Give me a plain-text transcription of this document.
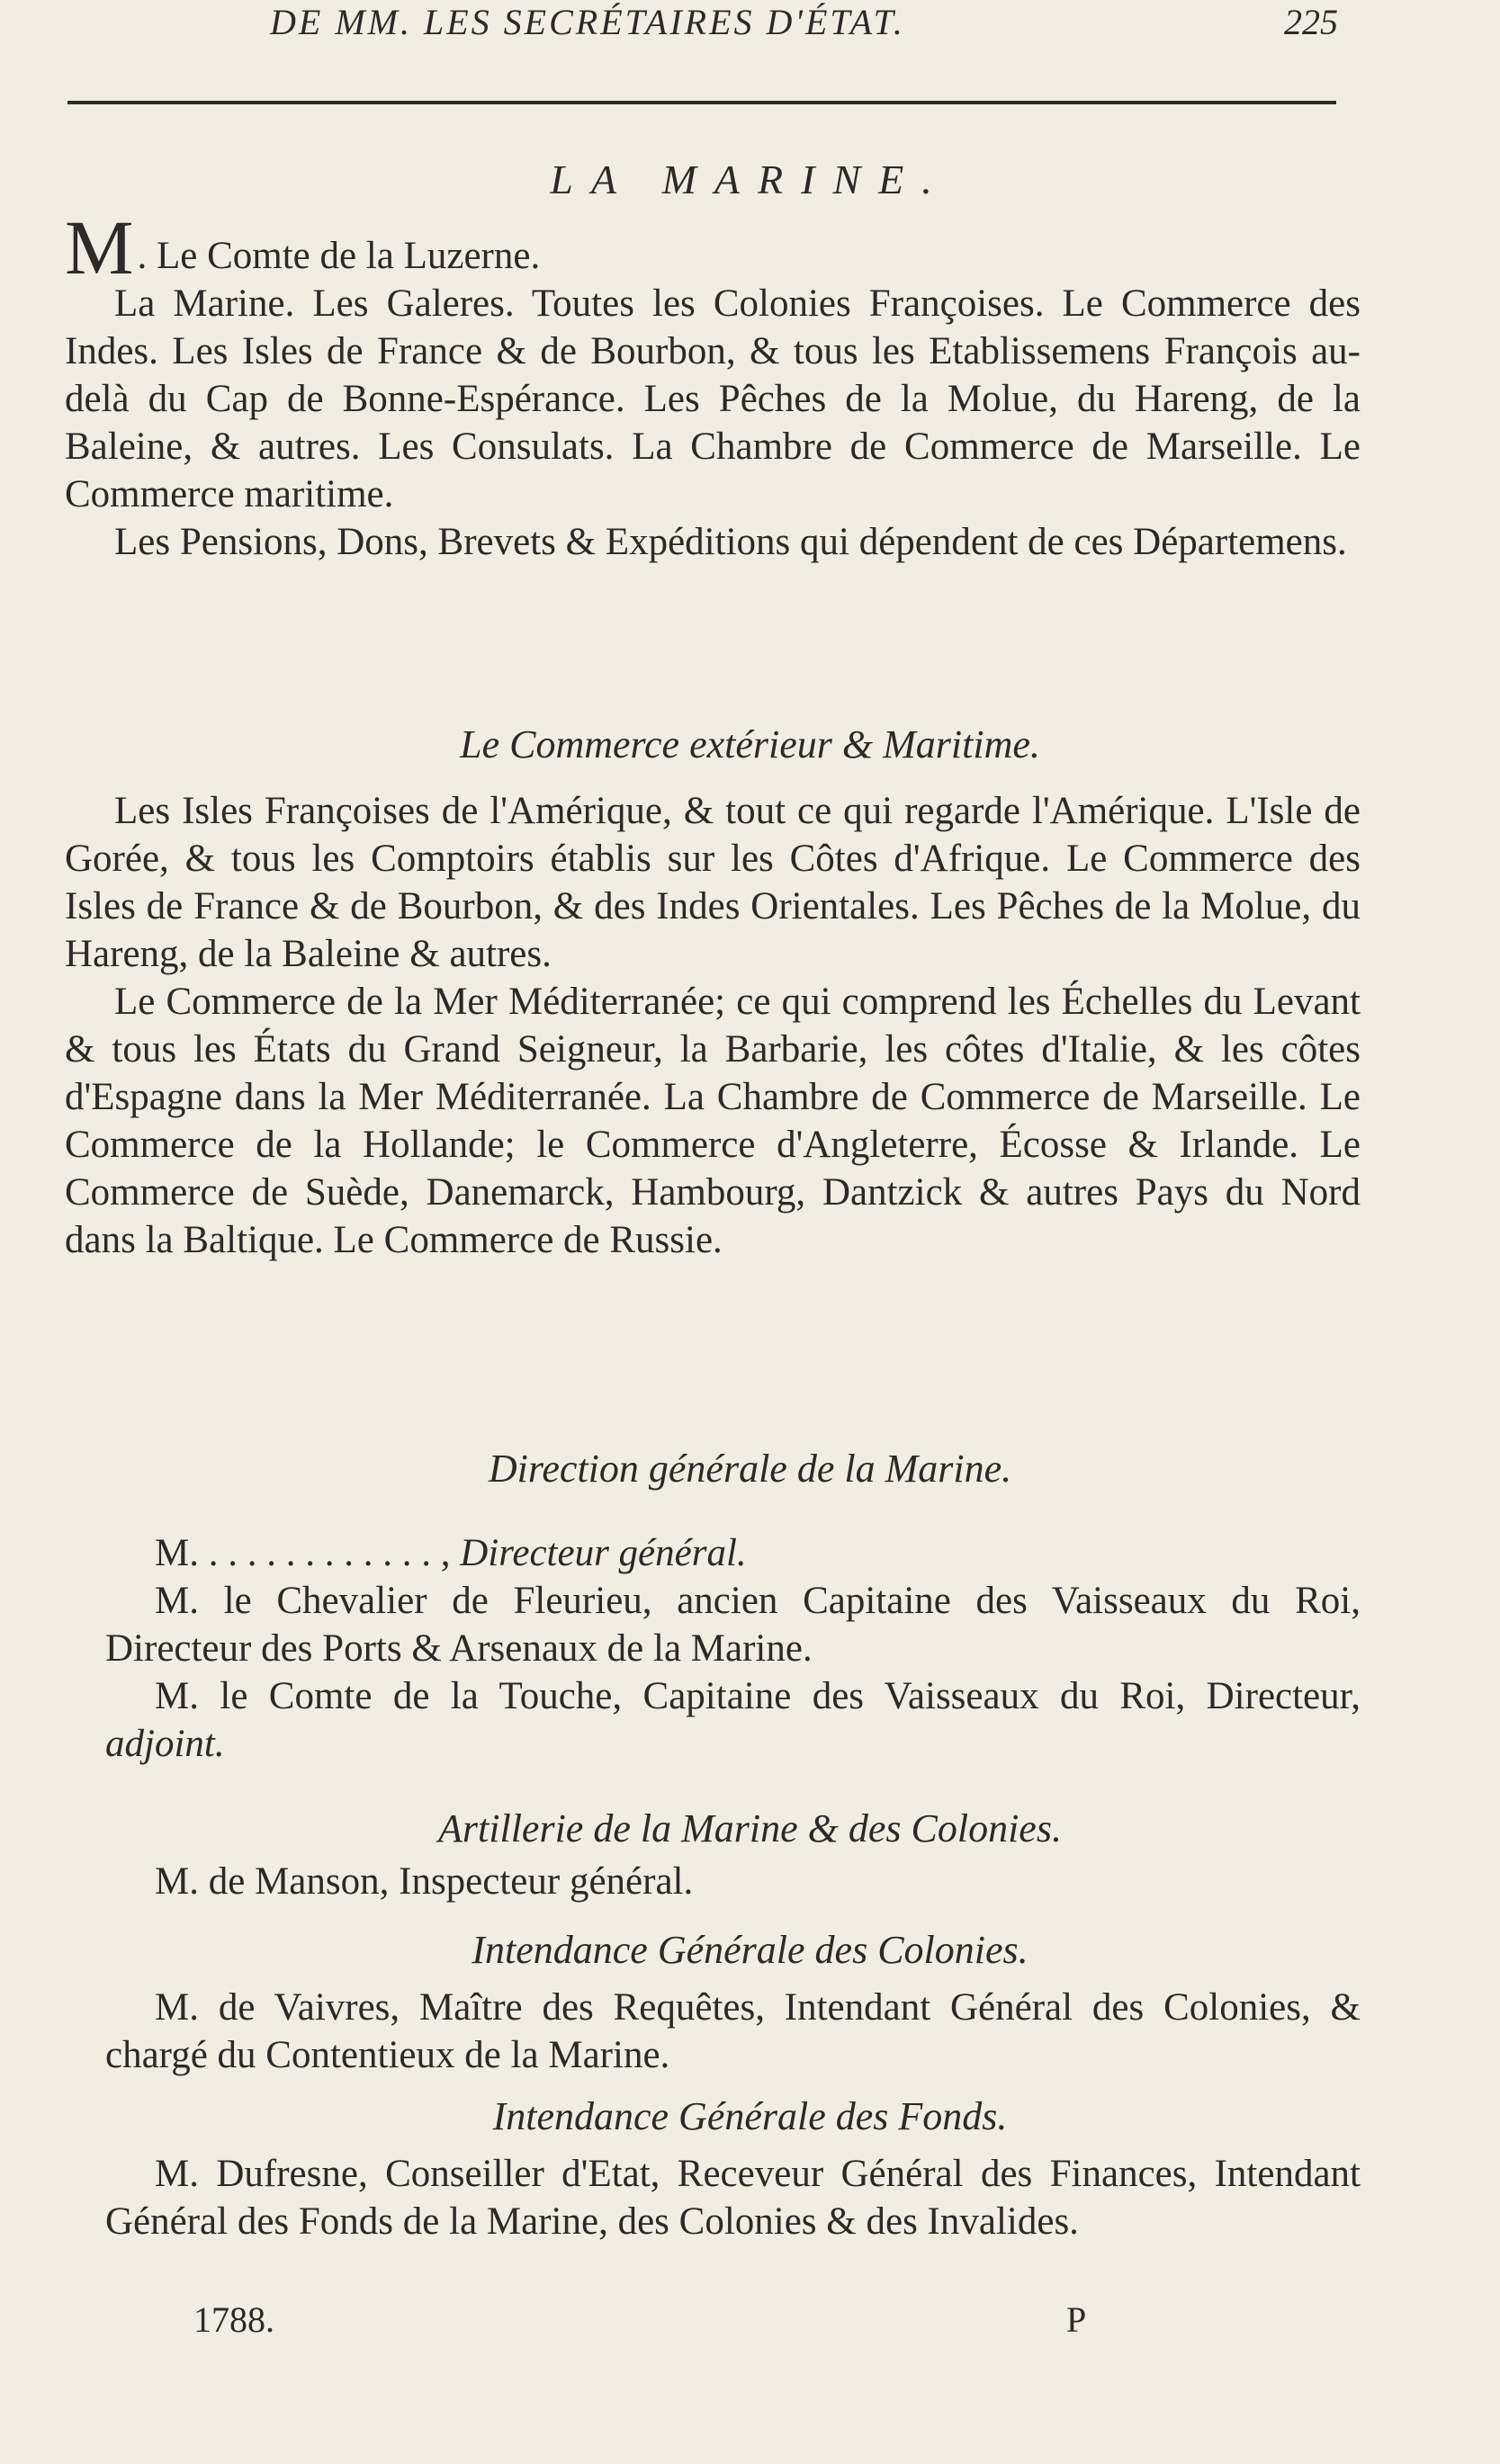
DE MM. LES SECRÉTAIRES D'ÉTAT.	225
LA MARINE.

M. Le Comte de la Luzerne.

La Marine. Les Galeres. Toutes les Colonies Françoises. Le Commerce des Indes. Les Isles de France & de Bourbon, & tous les Etablissemens François au-delà du Cap de Bonne-Espérance. Les Pêches de la Molue, du Hareng, de la Baleine, & autres. Les Consulats. La Chambre de Commerce de Marseille. Le Commerce maritime.

Les Pensions, Dons, Brevets & Expéditions qui dépendent de ces Départemens.

Le Commerce extérieur & Maritime.

Les Isles Françoises de l'Amérique, & tout ce qui regarde l'Amérique. L'Isle de Gorée, & tous les Comptoirs établis sur les Côtes d'Afrique. Le Commerce des Isles de France & de Bourbon, & des Indes Orientales. Les Pêches de la Molue, du Hareng, de la Baleine & autres.

Le Commerce de la Mer Méditerranée; ce qui comprend les Échelles du Levant & tous les États du Grand Seigneur, la Barbarie, les côtes d'Italie, & les côtes d'Espagne dans la Mer Méditerranée. La Chambre de Commerce de Marseille. Le Commerce de la Hollande; le Commerce d'Angleterre, Écosse & Irlande. Le Commerce de Suède, Danemarck, Hambourg, Dantzick & autres Pays du Nord dans la Baltique. Le Commerce de Russie.

Direction générale de la Marine.

M. . . . . . . . . . . . . , Directeur général.

M. le Chevalier de Fleurieu, ancien Capitaine des Vaisseaux du Roi, Directeur des Ports & Arsenaux de la Marine.

M. le Comte de la Touche, Capitaine des Vaisseaux du Roi, Directeur, adjoint.

Artillerie de la Marine & des Colonies.

M. de Manson, Inspecteur général.

Intendance Générale des Colonies.

M. de Vaivres, Maître des Requêtes, Intendant Général des Colonies, & chargé du Contentieux de la Marine.

Intendance Générale des Fonds.

M. Dufresne, Conseiller d'Etat, Receveur Général des Finances, Intendant Général des Fonds de la Marine, des Colonies & des Invalides.

1788.	P
